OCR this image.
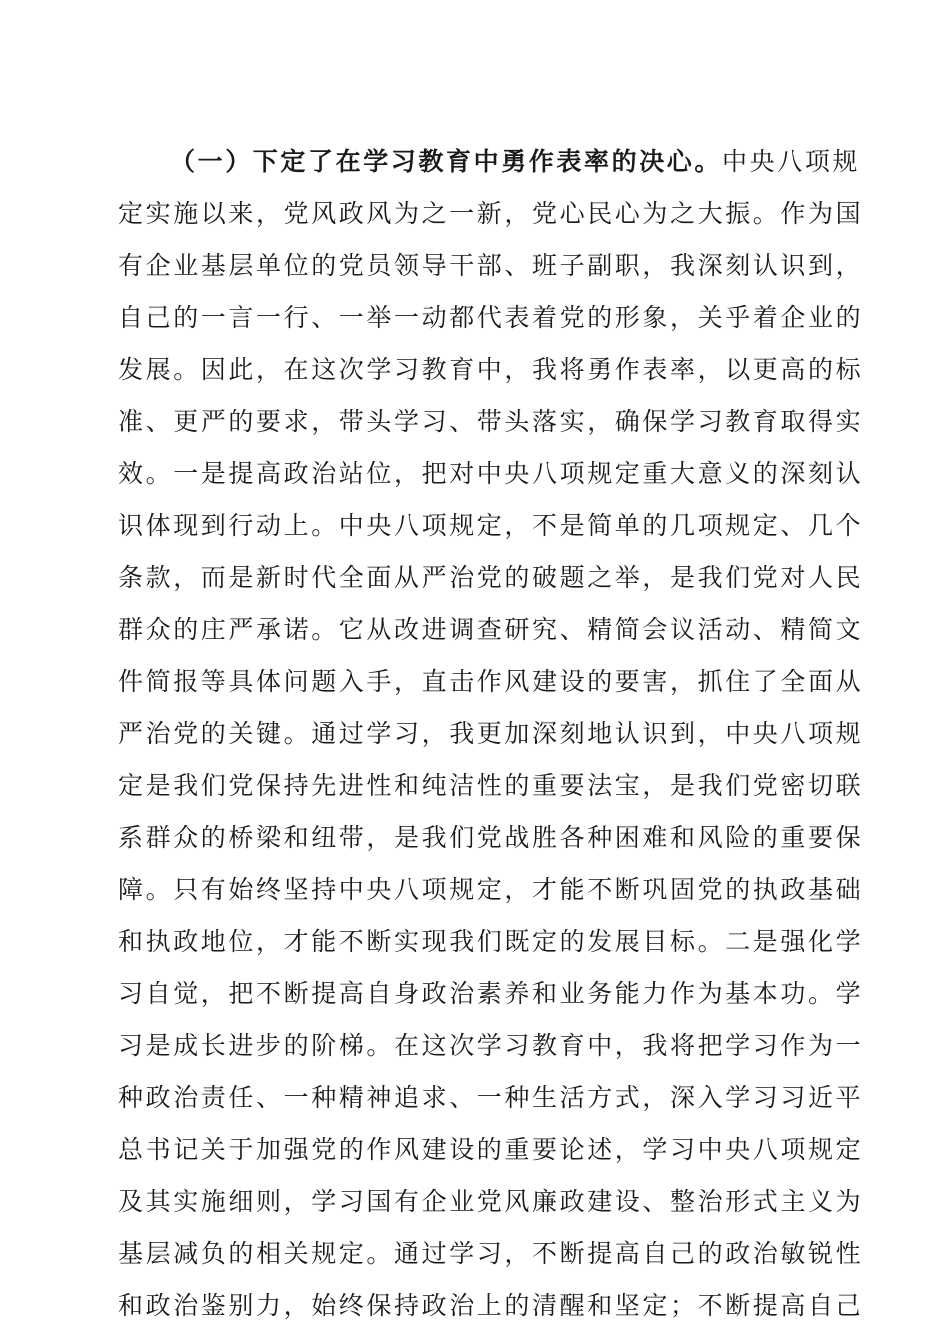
（一）下定了在学习教育中勇作表率的决心。中央八项规
定实施以来，党风政风为之一新，党心民心为之大振。作为国
有企业基层单位的党员领导干部、班子副职，我深刻认识到，
自己的一言一行、一举一动都代表着党的形象，关乎着企业的
发展。因此，在这次学习教育中，我将勇作表率，以更高的标
准、更严的要求，带头学习、带头落实，确保学习教育取得实
效。一是提高政治站位，把对中央八项规定重大意义的深刻认
识体现到行动上。中央八项规定，不是简单的几项规定、几个
条款，而是新时代全面从严治党的破题之举，是我们党对人民
群众的庄严承诺。它从改进调查研究、精简会议活动、精简文
件简报等具体问题入手，直击作风建设的要害，抓住了全面从
严治党的关键。通过学习，我更加深刻地认识到，中央八项规
定是我们党保持先进性和纯洁性的重要法宝，是我们党密切联
系群众的桥梁和纽带，是我们党战胜各种困难和风险的重要保
障。只有始终坚持中央八项规定，才能不断巩固党的执政基础
和执政地位，才能不断实现我们既定的发展目标。二是强化学
习自觉，把不断提高自身政治素养和业务能力作为基本功。学
习是成长进步的阶梯。在这次学习教育中，我将把学习作为一
种政治责任、一种精神追求、一种生活方式，深入学习习近平
总书记关于加强党的作风建设的重要论述，学习中央八项规定
及其实施细则，学习国有企业党风廉政建设、整治形式主义为
基层减负的相关规定。通过学习，不断提高自己的政治敏锐性
和政治鉴别力，始终保持政治上的清醒和坚定；不断提高自己
